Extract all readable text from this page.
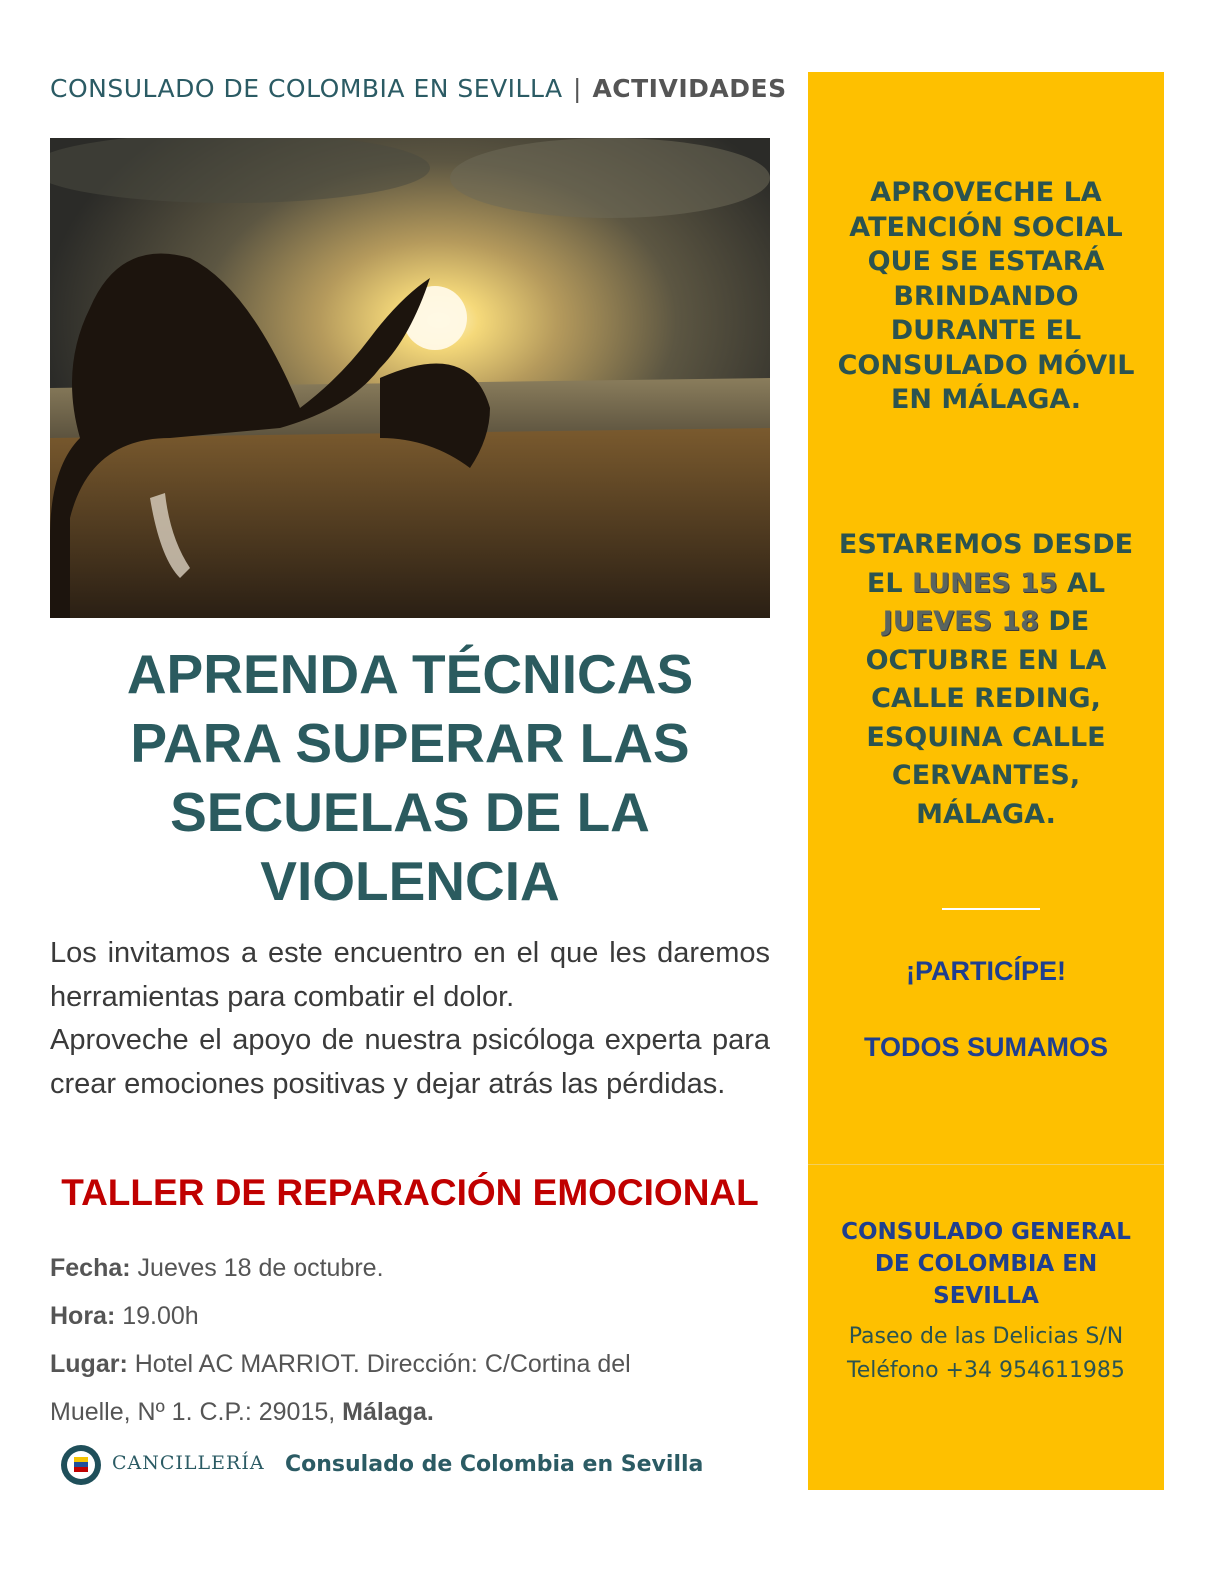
CONSULADO DE COLOMBIA EN SEVILLA | ACTIVIDADES
APRENDA TÉCNICAS
PARA SUPERAR LAS
SECUELAS DE LA
VIOLENCIA

Los invitamos a este encuentro en el que les daremos herramientas para combatir el dolor.

Aproveche el apoyo de nuestra psicóloga experta para crear emociones positivas y dejar atrás las pérdidas.

TALLER DE REPARACIÓN EMOCIONAL
Fecha: Jueves 18 de octubre.
Hora: 19.00h
Lugar: Hotel AC MARRIOT. Dirección: C/Cortina del
Muelle, Nº 1. C.P.: 29015, Málaga.
CANCILLERÍA Consulado de Colombia en Sevilla
APROVECHE LA
ATENCIÓN SOCIAL
QUE SE ESTARÁ
BRINDANDO
DURANTE EL
CONSULADO MÓVIL
EN MÁLAGA.
ESTAREMOS DESDE
EL LUNES 15 AL
JUEVES 18 DE
OCTUBRE EN LA
CALLE REDING,
ESQUINA CALLE
CERVANTES,
MÁLAGA.
¡PARTICÍPE!
TODOS SUMAMOS
CONSULADO GENERAL
DE COLOMBIA EN
SEVILLA
Paseo de las Delicias S/N
Teléfono +34 954611985
